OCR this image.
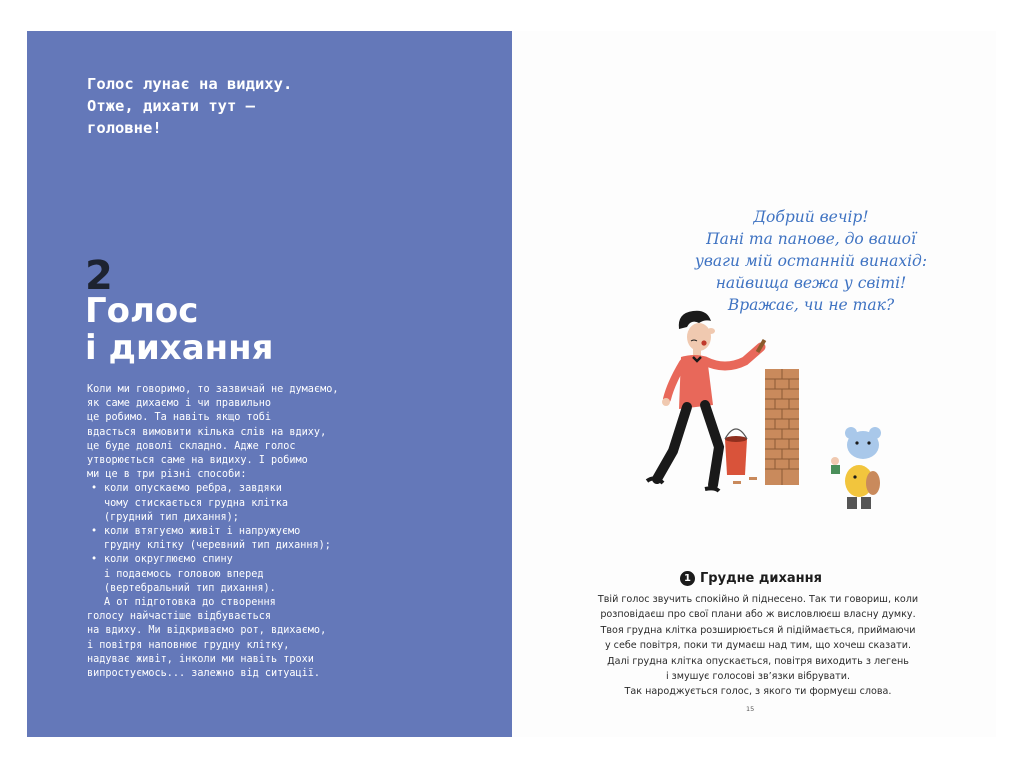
Голос лунає на видиху.
Отже, дихати тут —
головне!

2
Голос
і дихання
Коли ми говоримо, то зазвичай не думаємо,
як саме дихаємо і чи правильно
це робимо. Та навіть якщо тобі
вдасться вимовити кілька слів на вдиху,
це буде доволі складно. Адже голос
утворюється саме на видиху. І робимо
ми це в три різні способи:
• коли опускаємо ребра, завдяки
чому стискається грудна клітка
(грудний тип дихання);
• коли втягуємо живіт і напружуємо
грудну клітку (черевний тип дихання);
• коли округлюємо спину
і подаємось головою вперед
(вертебральний тип дихання).
А от підготовка до створення
голосу найчастіше відбувається
на вдиху. Ми відкриваємо рот, вдихаємо,
і повітря наповнює грудну клітку,
надуває живіт, інколи ми навіть трохи
випростуємось... залежно від ситуації.
Добрий вечір!
Пані та панове, до вашої
уваги мій останній винахід:
найвища вежа у світі!
Вражає, чи не так?
1 Грудне дихання
Твій голос звучить спокійно й піднесено. Так ти говориш, коли
розповідаєш про свої плани або ж висловлюєш власну думку.
Твоя грудна клітка розширюється й підіймається, приймаючи
у себе повітря, поки ти думаєш над тим, що хочеш сказати.
Далі грудна клітка опускається, повітря виходить з легень
і змушує голосові зв’язки вібрувати.
Так народжується голос, з якого ти формуєш слова.
15
